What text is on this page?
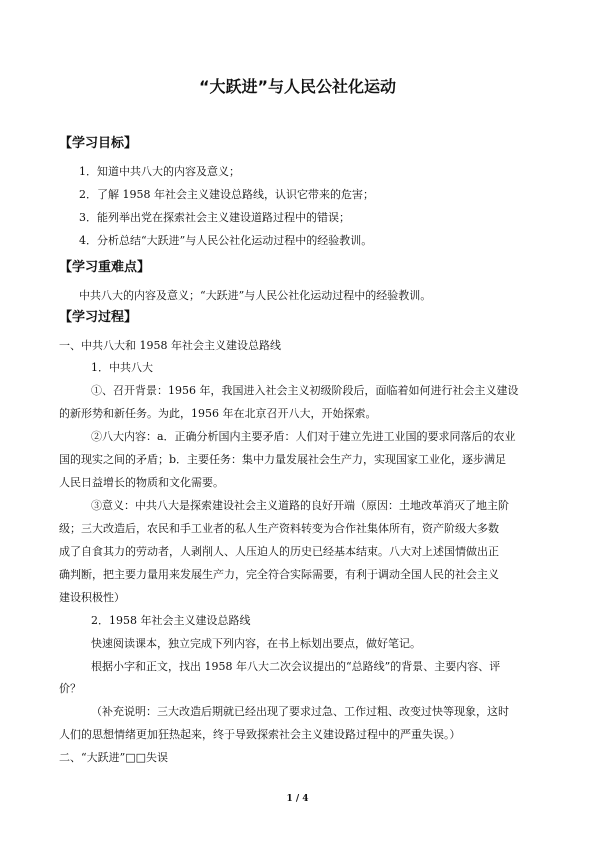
“大跃进”与人民公社化运动
【学习目标】
1．知道中共八大的内容及意义；
2．了解 1958 年社会主义建设总路线，认识它带来的危害；
3．能列举出党在探索社会主义建设道路过程中的错误；
4．分析总结“大跃进”与人民公社化运动过程中的经验教训。
【学习重难点】
中共八大的内容及意义；“大跃进”与人民公社化运动过程中的经验教训。
【学习过程】
一、中共八大和 1958 年社会主义建设总路线
1．中共八大
①、召开背景：1956 年，我国进入社会主义初级阶段后，面临着如何进行社会主义建设
的新形势和新任务。为此，1956 年在北京召开八大，开始探索。
②八大内容：a．正确分析国内主要矛盾：人们对于建立先进工业国的要求同落后的农业
国的现实之间的矛盾；b．主要任务：集中力量发展社会生产力，实现国家工业化，逐步满足
人民日益增长的物质和文化需要。
③意义：中共八大是探索建设社会主义道路的良好开端（原因：土地改革消灭了地主阶
级；三大改造后，农民和手工业者的私人生产资料转变为合作社集体所有，资产阶级大多数
成了自食其力的劳动者，人剥削人、人压迫人的历史已经基本结束。八大对上述国情做出正
确判断，把主要力量用来发展生产力，完全符合实际需要，有利于调动全国人民的社会主义
建设积极性）
2．1958 年社会主义建设总路线
快速阅读课本，独立完成下列内容，在书上标划出要点，做好笔记。
根据小字和正文，找出 1958 年八大二次会议提出的“总路线”的背景、主要内容、评
价？
（补充说明：三大改造后期就已经出现了要求过急、工作过粗、改变过快等现象，这时
人们的思想情绪更加狂热起来，终于导致探索社会主义建设路过程中的严重失误。）
二、“大跃进”□□失误
1 / 4
